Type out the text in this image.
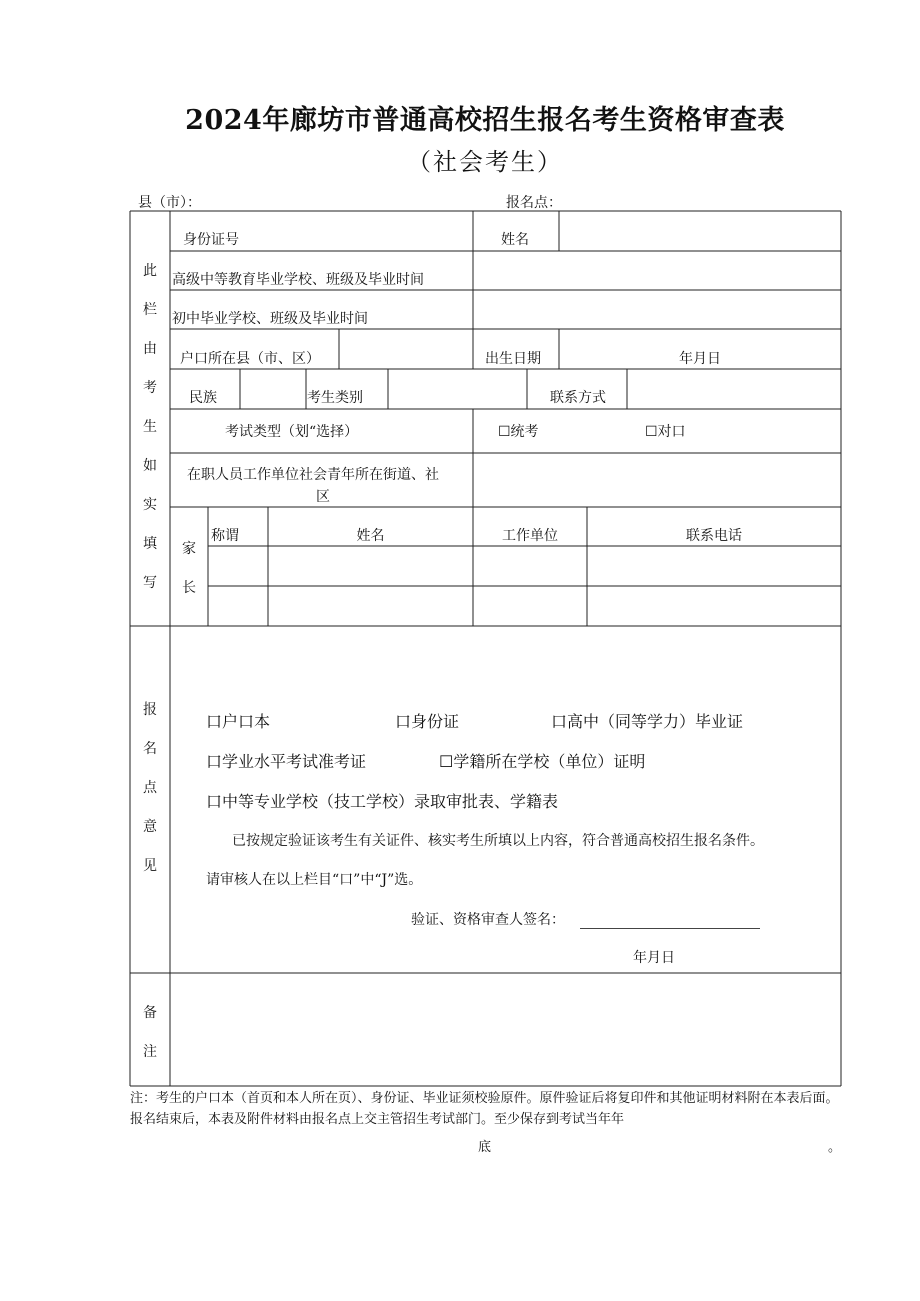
2024年廊坊市普通高校招生报名考生资格审查表
（社会考生）
县（市）：	报名点：
此
栏
由
考
生
如
实
填
写
身份证号	姓名
高级中等教育毕业学校、班级及毕业时间
初中毕业学校、班级及毕业时间
户口所在县（市、区）	出生日期	年月日
民族	考生类别	联系方式
考试类型（划“选择）	☐统考	☐对口
在职人员工作单位社会青年所在街道、社
区
家
长
称谓	姓名	工作单位	联系电话
报
名
点
意
见
口户口本	口身份证	口高中（同等学力）毕业证
口学业水平考试准考证	☐学籍所在学校（单位）证明
口中等专业学校（技工学校）录取审批表、学籍表
已按规定验证该考生有关证件、核实考生所填以上内容，符合普通高校招生报名条件。
请审核人在以上栏目“口”中“J”选。
验证、资格审查人签名：
年月日
备
注
注：考生的户口本（首页和本人所在页）、身份证、毕业证须校验原件。原件验证后将复印件和其他证明材料附在本表后面。报名结束后，本表及附件材料由报名点上交主管招生考试部门。至少保存到考试当年年
底	。
